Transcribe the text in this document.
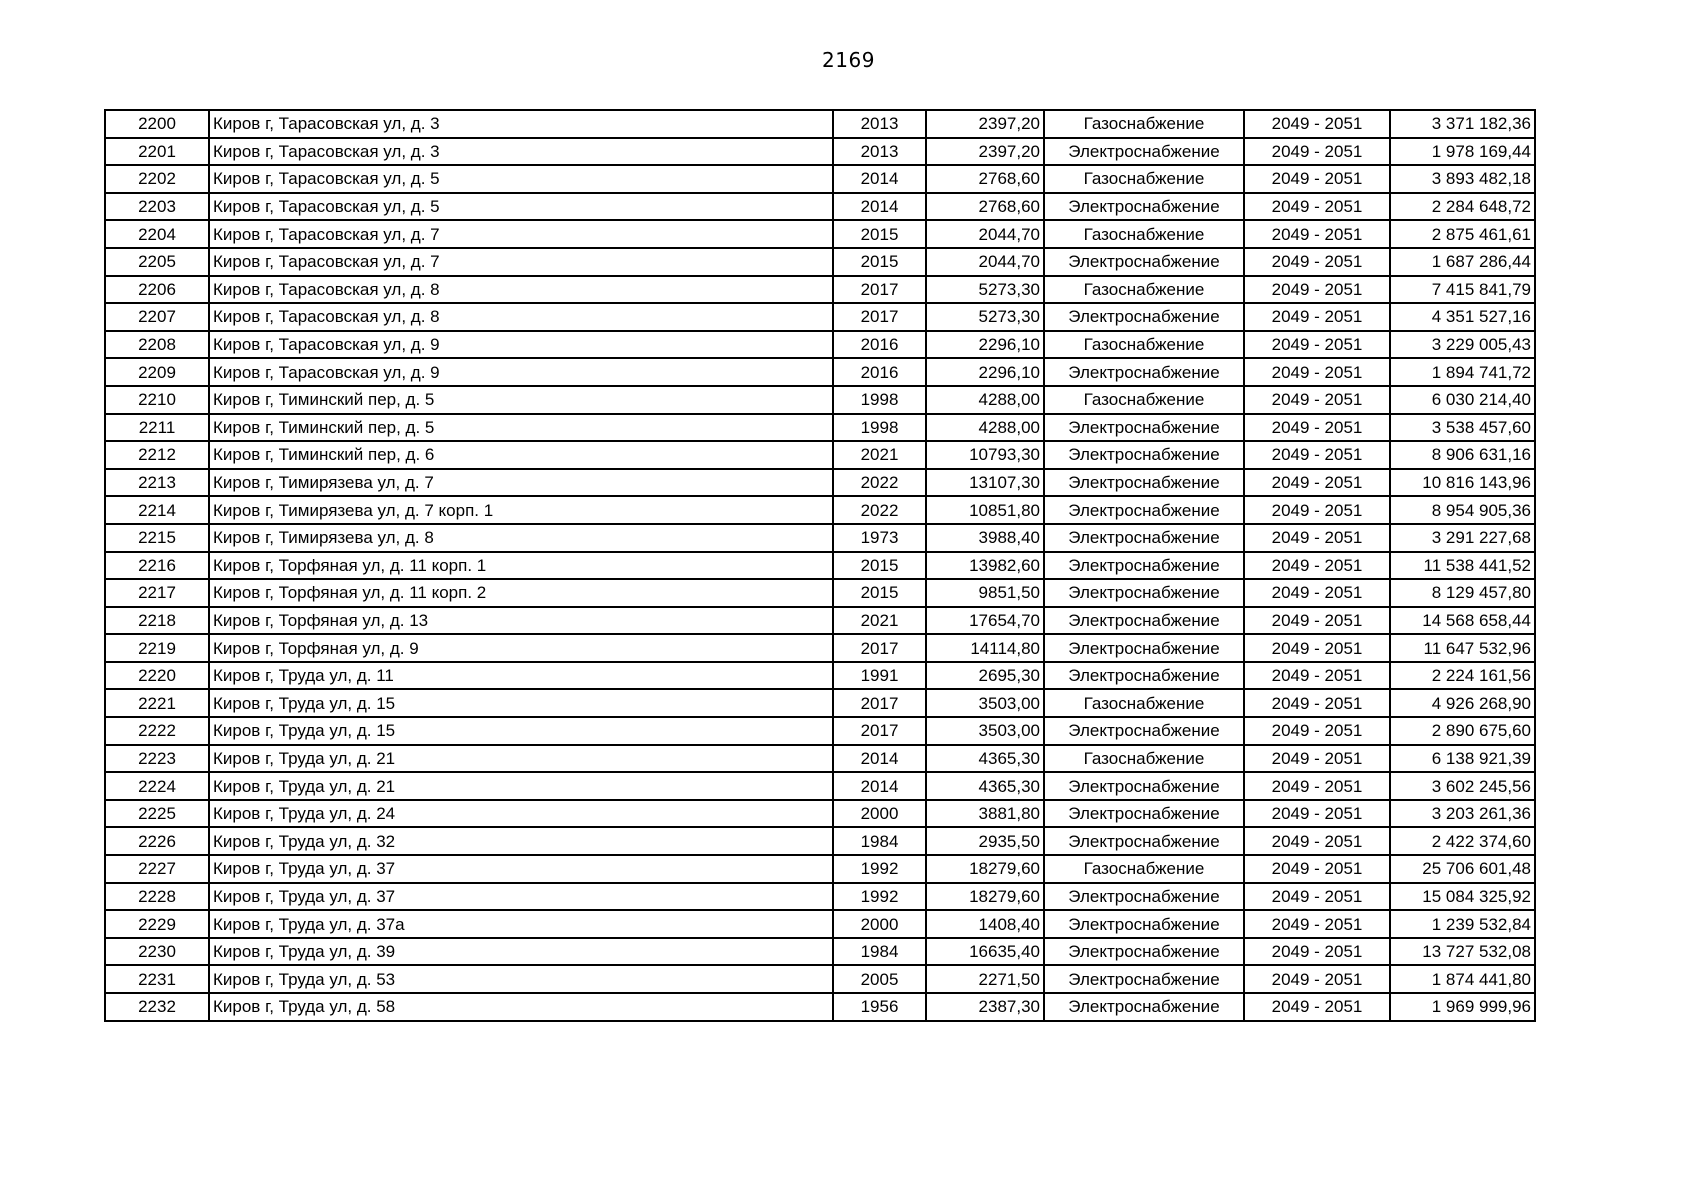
2169
2200	Киров г, Тарасовская ул, д. 3	2013	2397,20	Газоснабжение	2049 - 2051	3 371 182,36
2201	Киров г, Тарасовская ул, д. 3	2013	2397,20	Электроснабжение	2049 - 2051	1 978 169,44
2202	Киров г, Тарасовская ул, д. 5	2014	2768,60	Газоснабжение	2049 - 2051	3 893 482,18
2203	Киров г, Тарасовская ул, д. 5	2014	2768,60	Электроснабжение	2049 - 2051	2 284 648,72
2204	Киров г, Тарасовская ул, д. 7	2015	2044,70	Газоснабжение	2049 - 2051	2 875 461,61
2205	Киров г, Тарасовская ул, д. 7	2015	2044,70	Электроснабжение	2049 - 2051	1 687 286,44
2206	Киров г, Тарасовская ул, д. 8	2017	5273,30	Газоснабжение	2049 - 2051	7 415 841,79
2207	Киров г, Тарасовская ул, д. 8	2017	5273,30	Электроснабжение	2049 - 2051	4 351 527,16
2208	Киров г, Тарасовская ул, д. 9	2016	2296,10	Газоснабжение	2049 - 2051	3 229 005,43
2209	Киров г, Тарасовская ул, д. 9	2016	2296,10	Электроснабжение	2049 - 2051	1 894 741,72
2210	Киров г, Тиминский пер, д. 5	1998	4288,00	Газоснабжение	2049 - 2051	6 030 214,40
2211	Киров г, Тиминский пер, д. 5	1998	4288,00	Электроснабжение	2049 - 2051	3 538 457,60
2212	Киров г, Тиминский пер, д. 6	2021	10793,30	Электроснабжение	2049 - 2051	8 906 631,16
2213	Киров г, Тимирязева ул, д. 7	2022	13107,30	Электроснабжение	2049 - 2051	10 816 143,96
2214	Киров г, Тимирязева ул, д. 7 корп. 1	2022	10851,80	Электроснабжение	2049 - 2051	8 954 905,36
2215	Киров г, Тимирязева ул, д. 8	1973	3988,40	Электроснабжение	2049 - 2051	3 291 227,68
2216	Киров г, Торфяная ул, д. 11 корп. 1	2015	13982,60	Электроснабжение	2049 - 2051	11 538 441,52
2217	Киров г, Торфяная ул, д. 11 корп. 2	2015	9851,50	Электроснабжение	2049 - 2051	8 129 457,80
2218	Киров г, Торфяная ул, д. 13	2021	17654,70	Электроснабжение	2049 - 2051	14 568 658,44
2219	Киров г, Торфяная ул, д. 9	2017	14114,80	Электроснабжение	2049 - 2051	11 647 532,96
2220	Киров г, Труда ул, д. 11	1991	2695,30	Электроснабжение	2049 - 2051	2 224 161,56
2221	Киров г, Труда ул, д. 15	2017	3503,00	Газоснабжение	2049 - 2051	4 926 268,90
2222	Киров г, Труда ул, д. 15	2017	3503,00	Электроснабжение	2049 - 2051	2 890 675,60
2223	Киров г, Труда ул, д. 21	2014	4365,30	Газоснабжение	2049 - 2051	6 138 921,39
2224	Киров г, Труда ул, д. 21	2014	4365,30	Электроснабжение	2049 - 2051	3 602 245,56
2225	Киров г, Труда ул, д. 24	2000	3881,80	Электроснабжение	2049 - 2051	3 203 261,36
2226	Киров г, Труда ул, д. 32	1984	2935,50	Электроснабжение	2049 - 2051	2 422 374,60
2227	Киров г, Труда ул, д. 37	1992	18279,60	Газоснабжение	2049 - 2051	25 706 601,48
2228	Киров г, Труда ул, д. 37	1992	18279,60	Электроснабжение	2049 - 2051	15 084 325,92
2229	Киров г, Труда ул, д. 37а	2000	1408,40	Электроснабжение	2049 - 2051	1 239 532,84
2230	Киров г, Труда ул, д. 39	1984	16635,40	Электроснабжение	2049 - 2051	13 727 532,08
2231	Киров г, Труда ул, д. 53	2005	2271,50	Электроснабжение	2049 - 2051	1 874 441,80
2232	Киров г, Труда ул, д. 58	1956	2387,30	Электроснабжение	2049 - 2051	1 969 999,96
